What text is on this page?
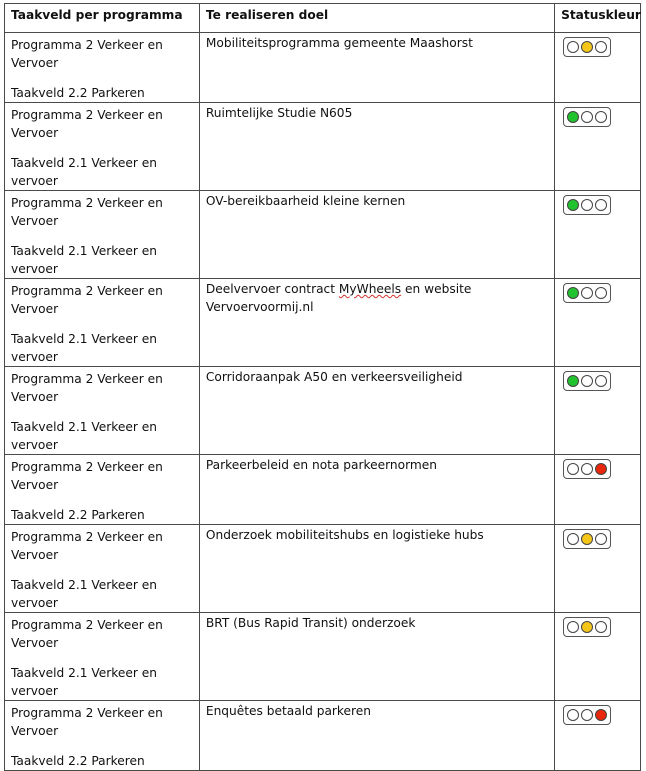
Taakveld per programma	Te realiseren doel	Statuskleur

Programma 2 Verkeer en Vervoer
Taakveld 2.2 Parkeren	Mobiliteitsprogramma gemeente Maashorst	

Programma 2 Verkeer en Vervoer
Taakveld 2.1 Verkeer en vervoer	Ruimtelijke Studie N605	

Programma 2 Verkeer en Vervoer
Taakveld 2.1 Verkeer en vervoer	OV-bereikbaarheid kleine kernen	

Programma 2 Verkeer en Vervoer
Taakveld 2.1 Verkeer en vervoer	Deelvervoer contract MyWheels en website Vervoervoormij.nl	

Programma 2 Verkeer en Vervoer
Taakveld 2.1 Verkeer en vervoer	Corridoraanpak A50 en verkeersveiligheid	

Programma 2 Verkeer en Vervoer
Taakveld 2.2 Parkeren	Parkeerbeleid en nota parkeernormen	

Programma 2 Verkeer en Vervoer
Taakveld 2.1 Verkeer en vervoer	Onderzoek mobiliteitshubs en logistieke hubs	

Programma 2 Verkeer en Vervoer
Taakveld 2.1 Verkeer en vervoer	BRT (Bus Rapid Transit) onderzoek	

Programma 2 Verkeer en Vervoer
Taakveld 2.2 Parkeren	Enquêtes betaald parkeren	
